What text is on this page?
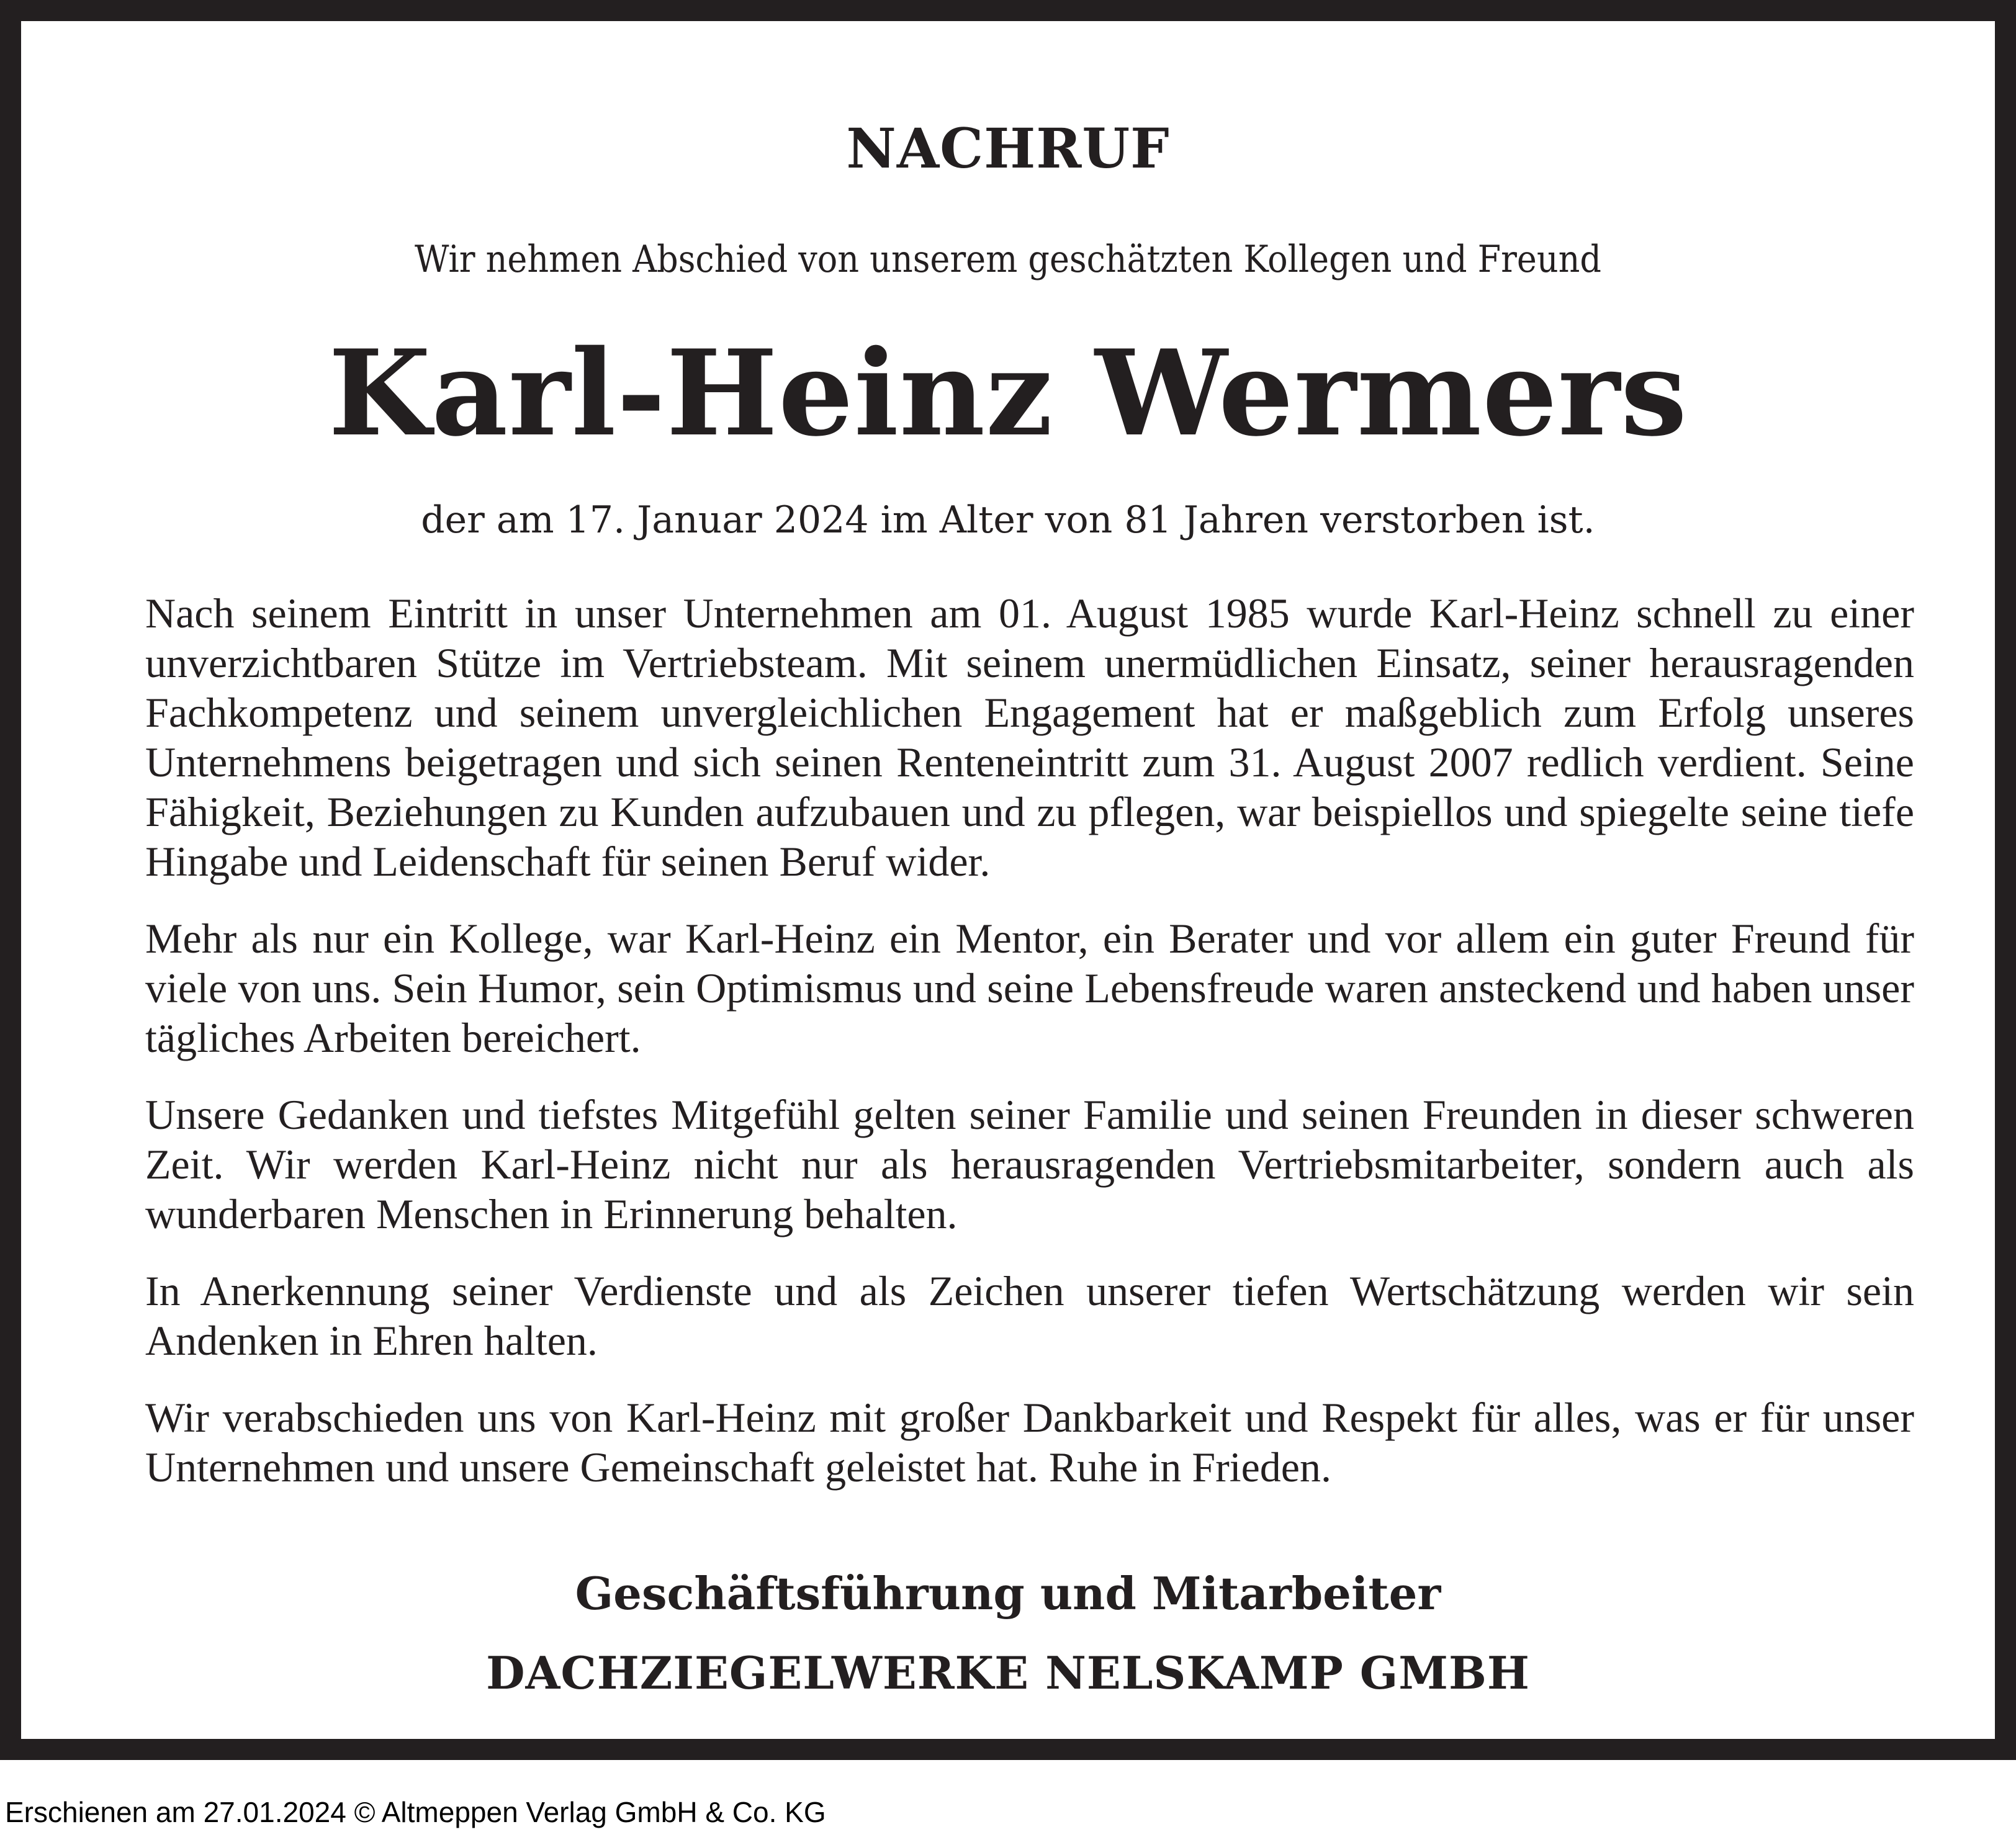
NACHRUF
Wir nehmen Abschied von unserem geschätzten Kollegen und Freund
Karl-Heinz Wermers
der am 17. Januar 2024 im Alter von 81 Jahren verstorben ist.

Nach seinem Eintritt in unser Unternehmen am 01. August 1985 wurde Karl-Heinz schnell zu einer unverzichtbaren Stütze im Vertriebsteam. Mit seinem unermüdlichen Einsatz, seiner herausragenden Fachkompetenz und seinem unvergleichlichen Engagement hat er maßgeblich zum Erfolg unseres Unternehmens beigetragen und sich seinen Renteneintritt zum 31. August 2007 redlich verdient. Seine Fähigkeit, Beziehungen zu Kunden aufzubauen und zu pflegen, war beispiellos und spiegelte seine tiefe Hingabe und Leidenschaft für seinen Beruf wider.

Mehr als nur ein Kollege, war Karl-Heinz ein Mentor, ein Berater und vor allem ein guter Freund für viele von uns. Sein Humor, sein Optimismus und seine Lebensfreude waren ansteckend und haben unser tägliches Arbeiten bereichert.

Unsere Gedanken und tiefstes Mitgefühl gelten seiner Familie und seinen Freunden in dieser schweren Zeit. Wir werden Karl-Heinz nicht nur als herausragenden Vertriebsmitarbeiter, sondern auch als wunderbaren Menschen in Erinnerung behalten.

In Anerkennung seiner Verdienste und als Zeichen unserer tiefen Wertschätzung werden wir sein Andenken in Ehren halten.

Wir verabschieden uns von Karl-Heinz mit großer Dankbarkeit und Respekt für alles, was er für unser Unternehmen und unsere Gemeinschaft geleistet hat. Ruhe in Frieden.

Geschäftsführung und Mitarbeiter
DACHZIEGELWERKE NELSKAMP GMBH
Erschienen am 27.01.2024 © Altmeppen Verlag GmbH & Co. KG
